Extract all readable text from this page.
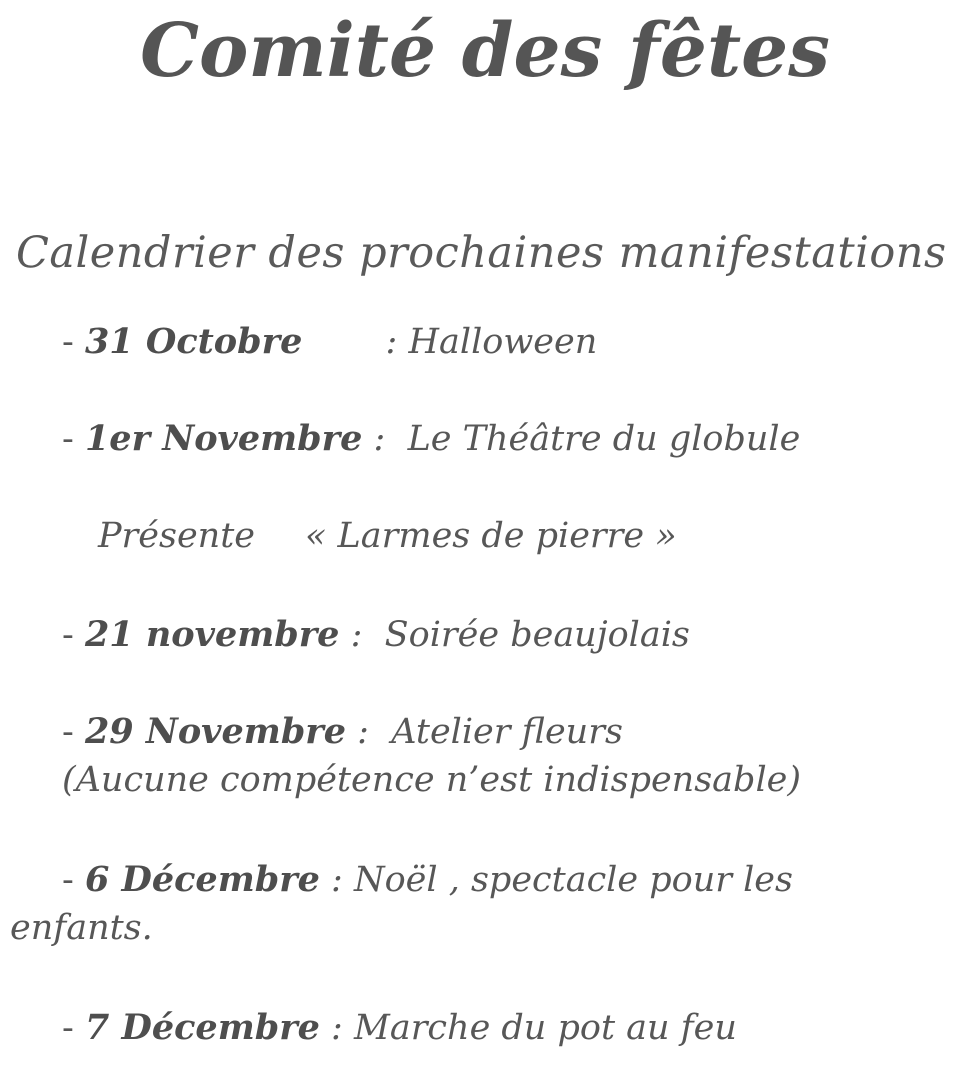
Comité des fêtes
Calendrier des prochaines manifestations
- 31 Octobre : Halloween
- 1er Novembre : Le Théâtre du globule
Présente « Larmes de pierre »
- 21 novembre : Soirée beaujolais
- 29 Novembre : Atelier fleurs
(Aucune compétence n’est indispensable)
- 6 Décembre : Noël , spectacle pour les
enfants.
- 7 Décembre : Marche du pot au feu
